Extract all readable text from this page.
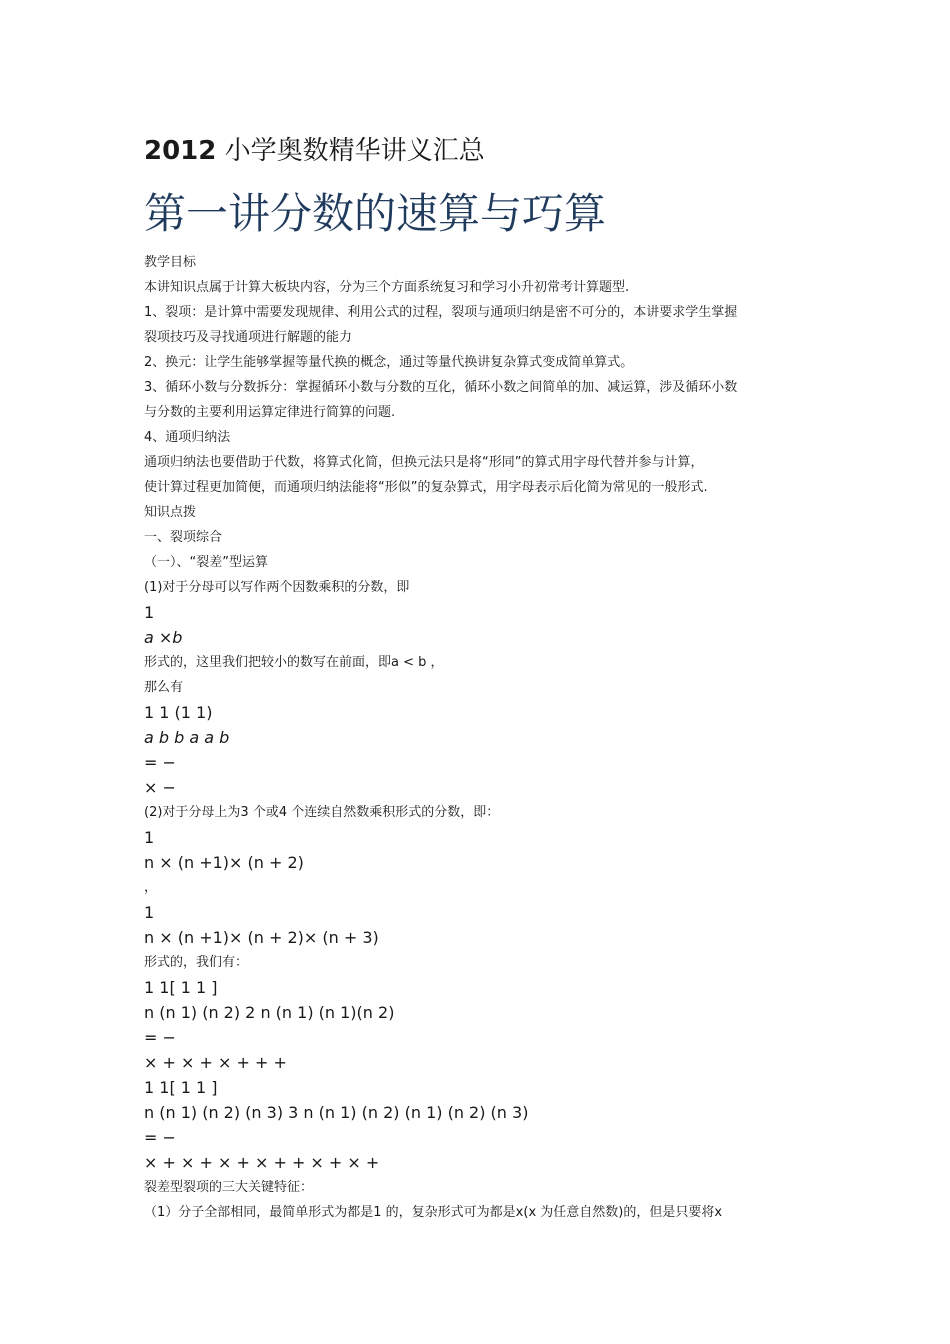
2012 小学奥数精华讲义汇总
第一讲分数的速算与巧算
教学目标
本讲知识点属于计算大板块内容，分为三个方面系统复习和学习小升初常考计算题型.
1、裂项：是计算中需要发现规律、利用公式的过程，裂项与通项归纳是密不可分的，本讲要求学生掌握
裂项技巧及寻找通项进行解题的能力
2、换元：让学生能够掌握等量代换的概念，通过等量代换讲复杂算式变成简单算式。
3、循环小数与分数拆分：掌握循环小数与分数的互化，循环小数之间简单的加、减运算，涉及循环小数
与分数的主要利用运算定律进行简算的问题.
4、通项归纳法
通项归纳法也要借助于代数，将算式化简，但换元法只是将“形同”的算式用字母代替并参与计算，
使计算过程更加简便，而通项归纳法能将“形似”的复杂算式，用字母表示后化简为常见的一般形式.
知识点拨
一、裂项综合
（一）、“裂差”型运算
(1)对于分母可以写作两个因数乘积的分数，即
1
a ×b
形式的，这里我们把较小的数写在前面，即a < b ，
那么有
1 1 (1 1)
a b b a a b
= −
× −
(2)对于分母上为3 个或4 个连续自然数乘积形式的分数，即：
1
n × (n +1)× (n + 2)
，
1
n × (n +1)× (n + 2)× (n + 3)
形式的，我们有：
1 1[ 1 1 ]
n (n 1) (n 2) 2 n (n 1) (n 1)(n 2)
= −
× + × + × + + +
1 1[ 1 1 ]
n (n 1) (n 2) (n 3) 3 n (n 1) (n 2) (n 1) (n 2) (n 3)
= −
× + × + × + × + + × + × +
裂差型裂项的三大关键特征：
（1）分子全部相同，最简单形式为都是1 的，复杂形式可为都是x(x 为任意自然数)的，但是只要将x
